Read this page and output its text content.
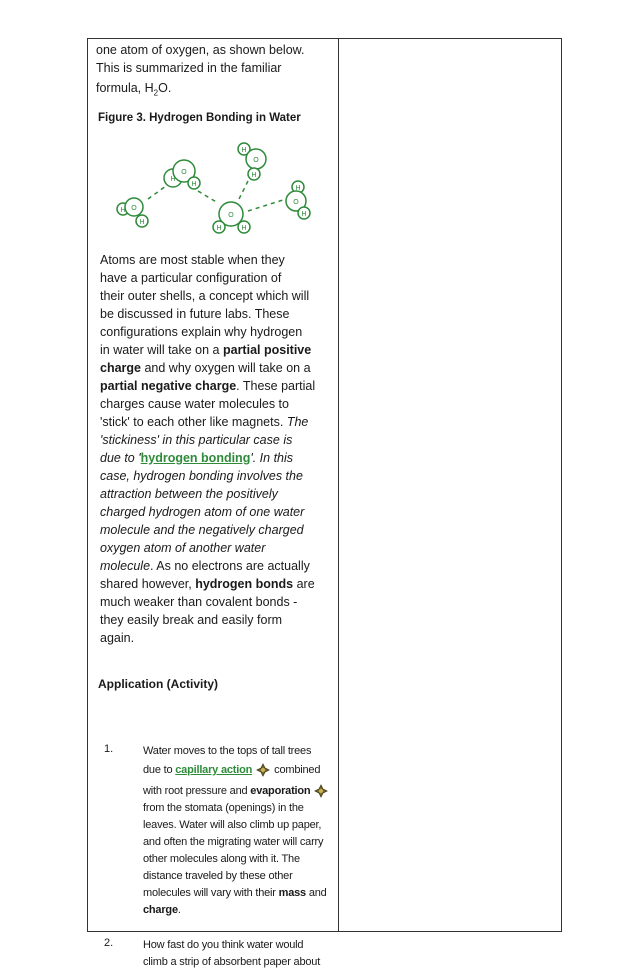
one atom of oxygen, as shown below.
This is summarized in the familiar
formula, $H_2O$.
Figure 3. Hydrogen Bonding in Water
H O
H
H
O
H
O
H	H
H
O
H
H
O
H
Atoms are most stable when they
have a particular configuration of
their outer shells, a concept which will
be discussed in future labs. These
configurations explain why hydrogen
in water will take on a partial positive
charge and why oxygen will take on a
partial negative charge. These partial
charges cause water molecules to
'stick' to each other like magnets. The
'stickiness' in this particular case is
due to 'hydrogen bonding'. In this
case, hydrogen bonding involves the
attraction between the positively
charged hydrogen atom of one water
molecule and the negatively charged
oxygen atom of another water
molecule. As no electrons are actually
shared however, hydrogen bonds are
much weaker than covalent bonds -
they easily break and easily form
again.
Application (Activity)
1.	Water moves to the tops of tall trees
due to capillary action combined
with root pressure and evaporation
from the stomata (openings) in the
leaves. Water will also climb up paper,
and often the migrating water will carry
other molecules along with it. The
distance traveled by these other
molecules will vary with their mass and
charge.
2.	How fast do you think water would
climb a strip of absorbent paper about
